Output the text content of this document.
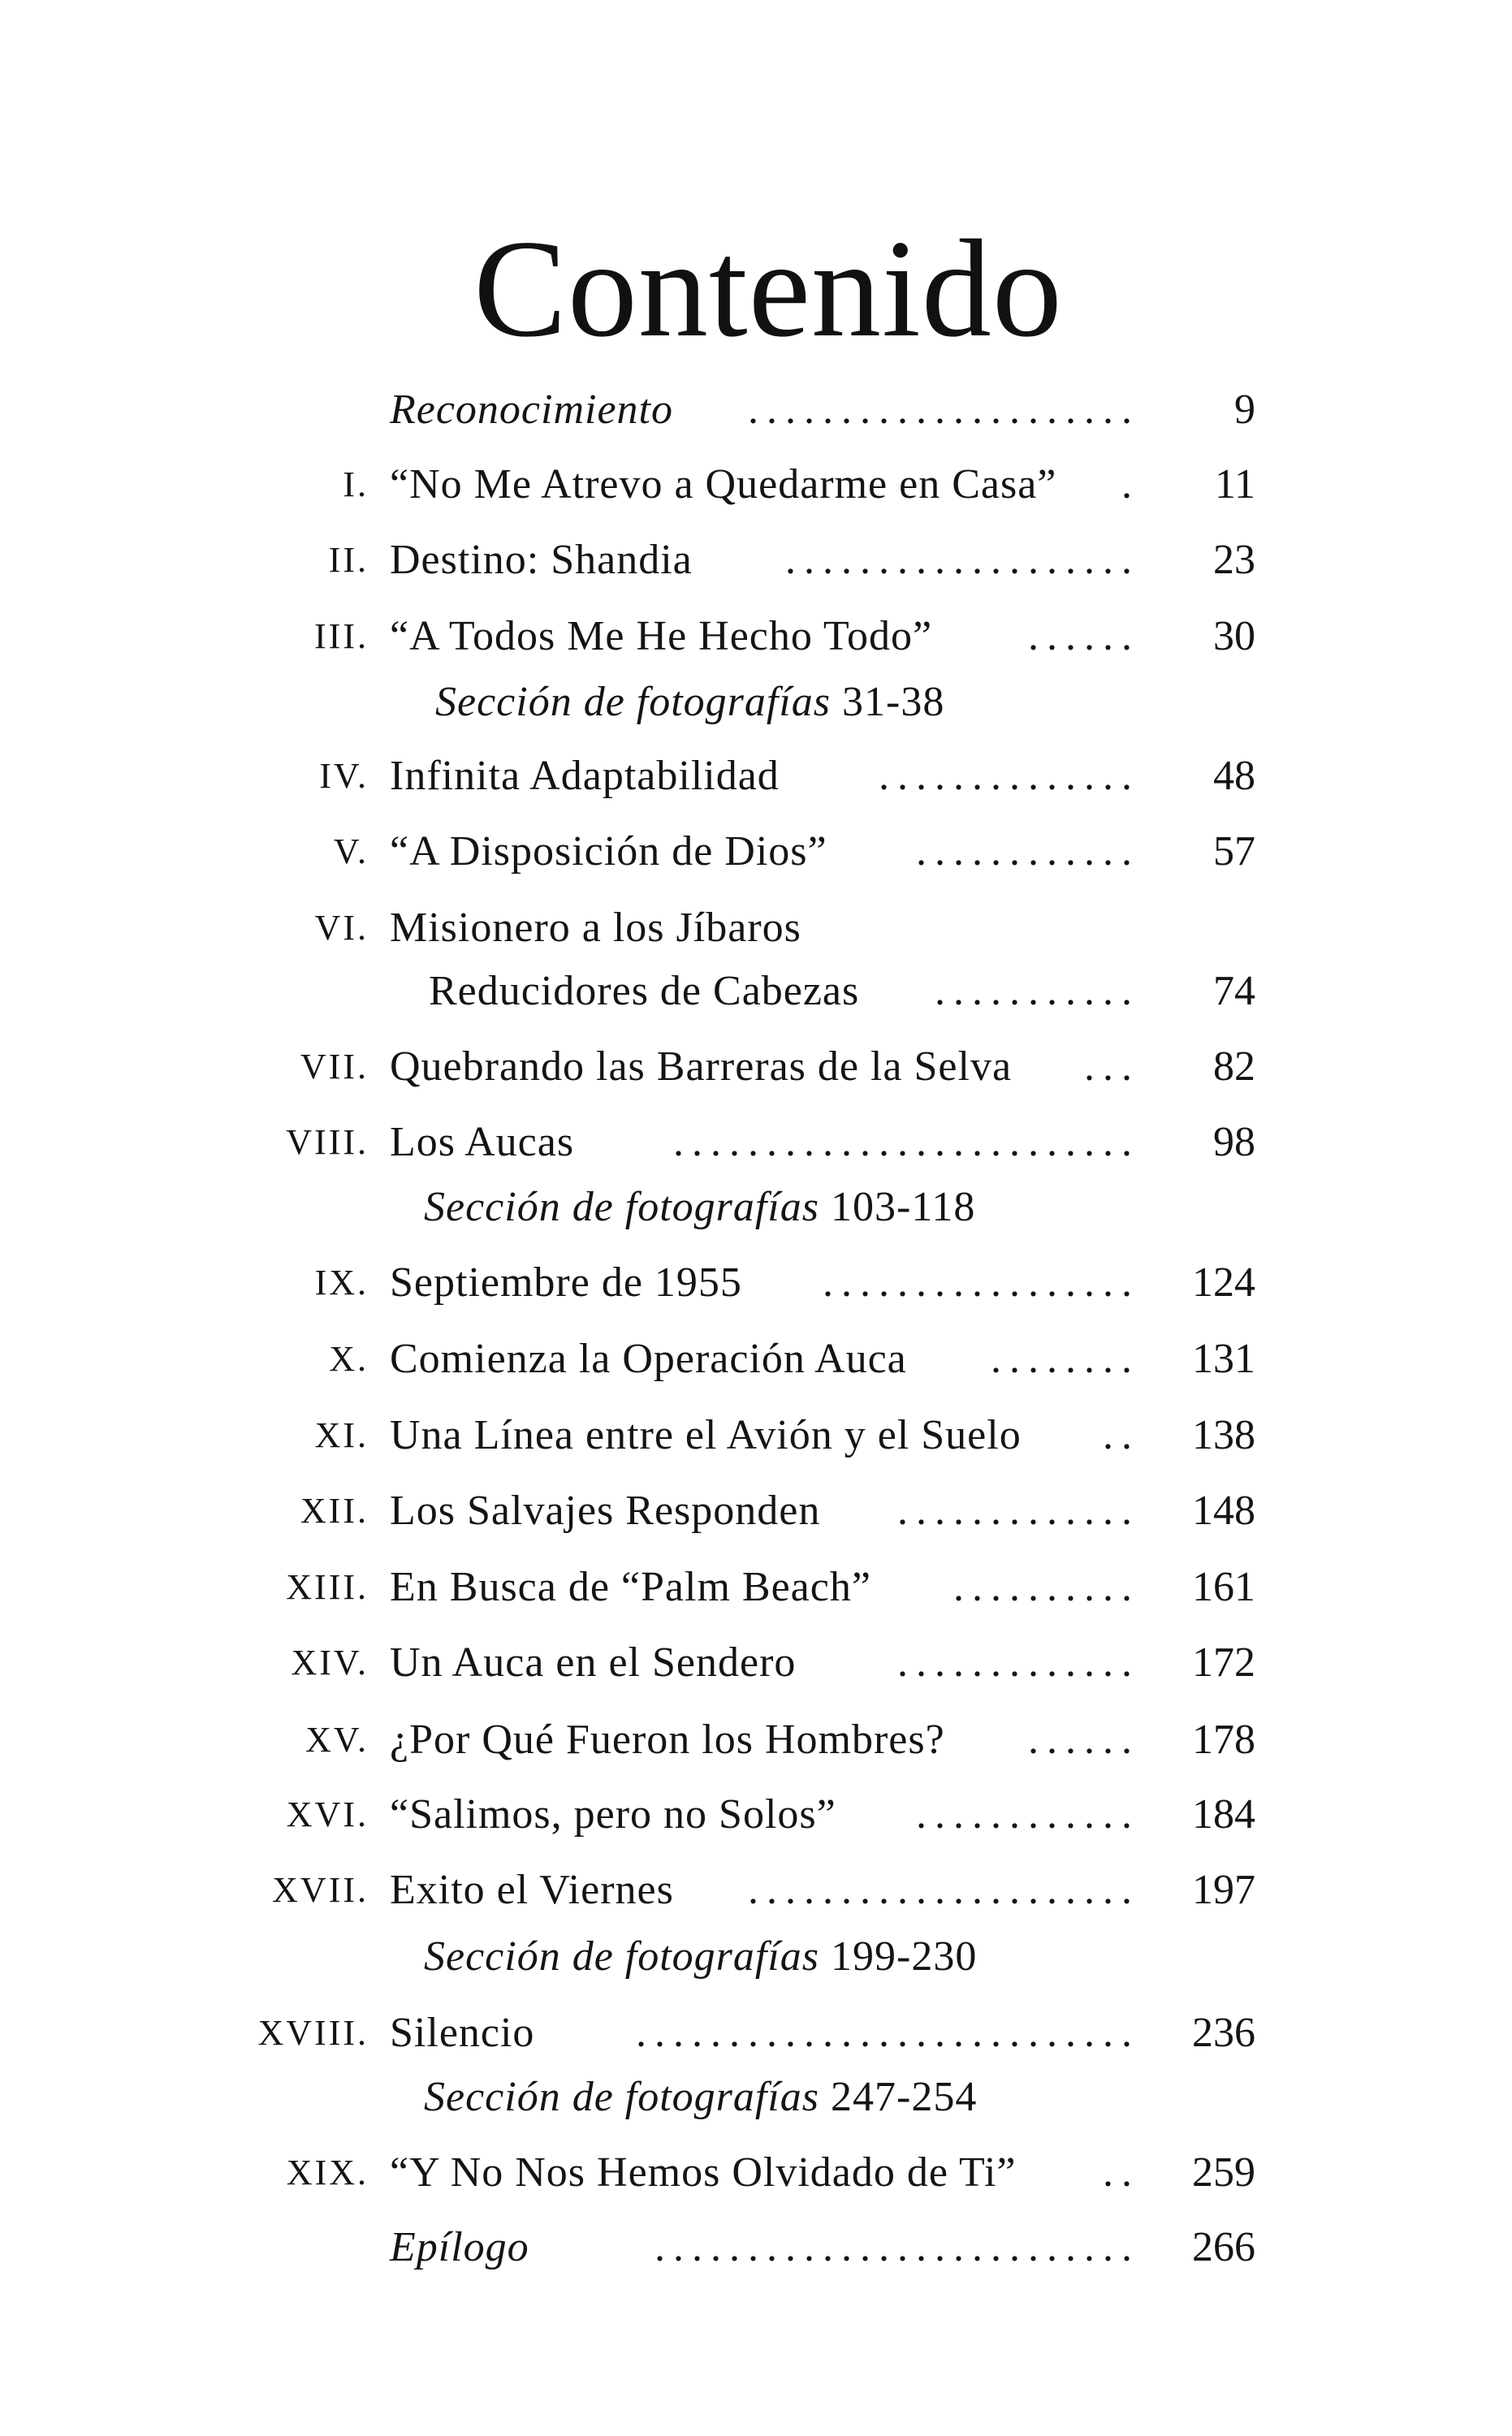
Contenido
Reconocimiento .....................	9
I. “No Me Atrevo a Quedarme en Casa” .	11
II. Destino: Shandia ...................	23
III. “A Todos Me He Hecho Todo” ......	30
Sección de fotografías 31-38
IV. Infinita Adaptabilidad ..............	48
V. “A Disposición de Dios” ............	57
VI. Misionero a los Jíbaros
Reducidores de Cabezas ...........	74
VII. Quebrando las Barreras de la Selva ...	82
VIII. Los Aucas .........................	98
Sección de fotografías 103-118
IX. Septiembre de 1955 .................	124
X. Comienza la Operación Auca ........	131
XI. Una Línea entre el Avión y el Suelo ..	138
XII. Los Salvajes Responden .............	148
XIII. En Busca de “Palm Beach” ..........	161
XIV. Un Auca en el Sendero .............	172
XV. ¿Por Qué Fueron los Hombres? ......	178
XVI. “Salimos, pero no Solos” ............	184
XVII. Exito el Viernes .....................	197
Sección de fotografías 199-230
XVIII. Silencio ...........................	236
Sección de fotografías 247-254
XIX. “Y No Nos Hemos Olvidado de Ti” ..	259
Epílogo	..........................	266
